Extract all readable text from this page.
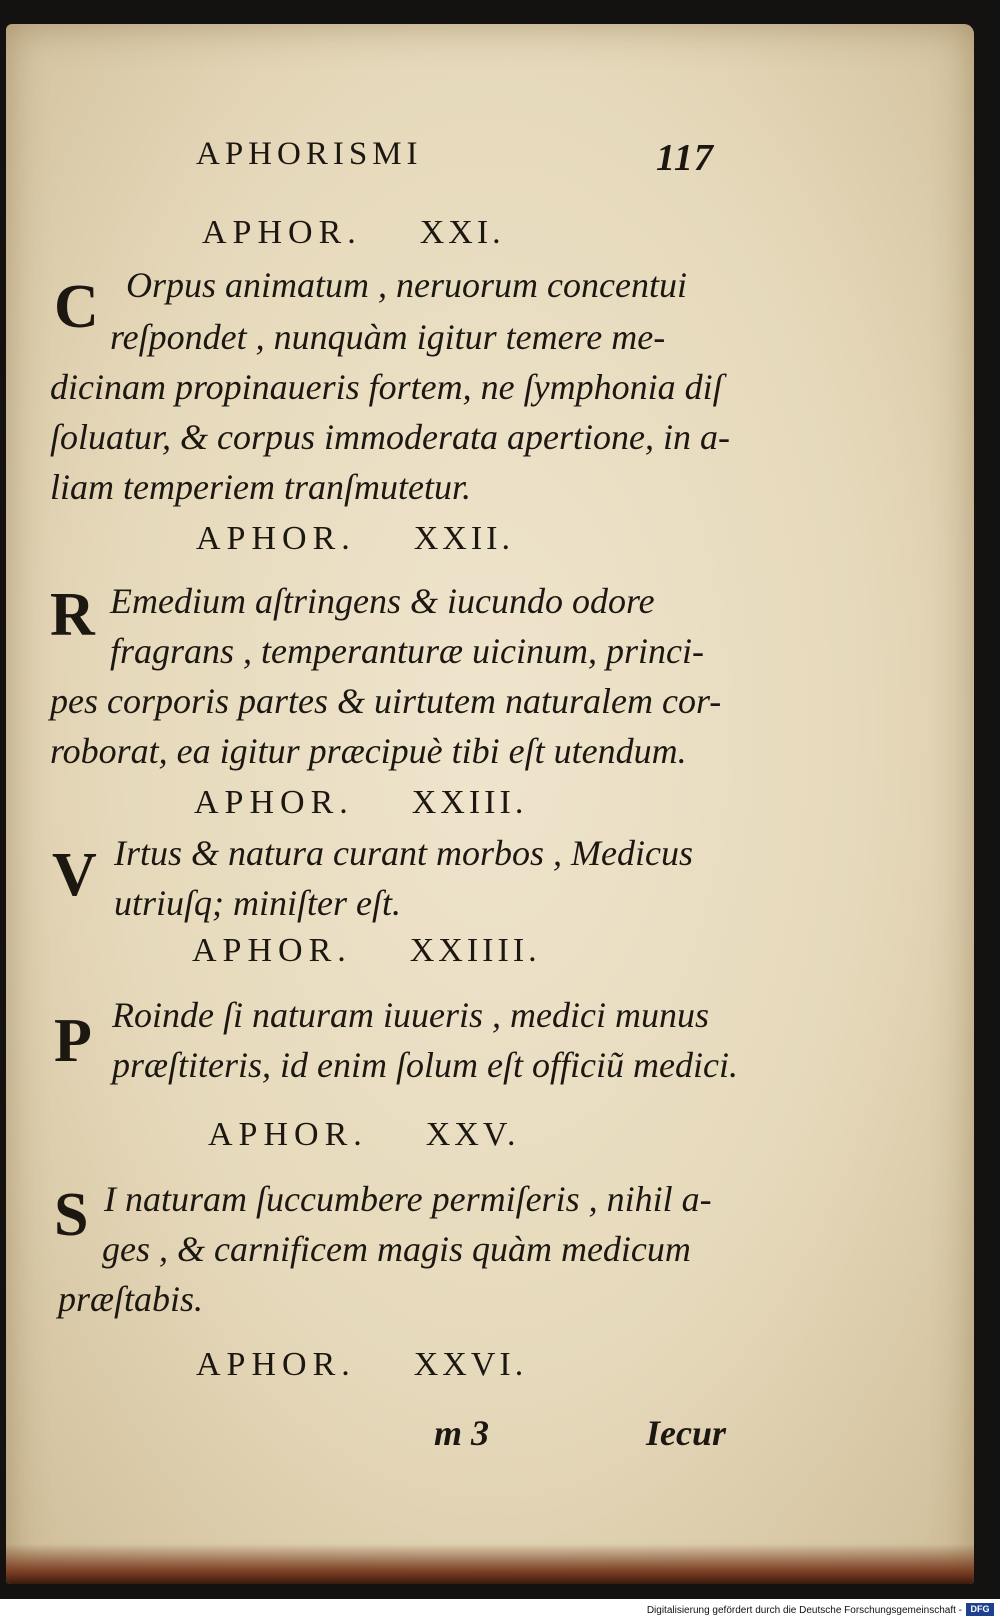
APHORISMI	117
APHOR. XXI.
C Orpus animatum , neruorum concentui
reſpondet , nunquàm igitur temere me-
dicinam propinaueris fortem, ne ſymphonia diſ
ſoluatur, & corpus immoderata apertione, in a-
liam temperiem tranſmutetur.
APHOR. XXII.
R Emedium aſtringens & iucundo odore
fragrans , temperanturæ uicinum, princi-
pes corporis partes & uirtutem naturalem cor-
roborat, ea igitur præcipuè tibi eſt utendum.
APHOR. XXIII.
V Irtus & natura curant morbos , Medicus
utriuſq; miniſter eſt.
APHOR. XXIIII.
P Roinde ſi naturam iuueris , medici munus
præſtiteris, id enim ſolum eſt officiũ medici.
APHOR. XXV.
S I naturam ſuccumbere permiſeris , nihil a-
ges , & carnificem magis quàm medicum
præſtabis.
APHOR. XXVI.
m 3	Iecur
Digitalisierung gefördert durch die Deutsche Forschungsgemeinschaft - DFG
